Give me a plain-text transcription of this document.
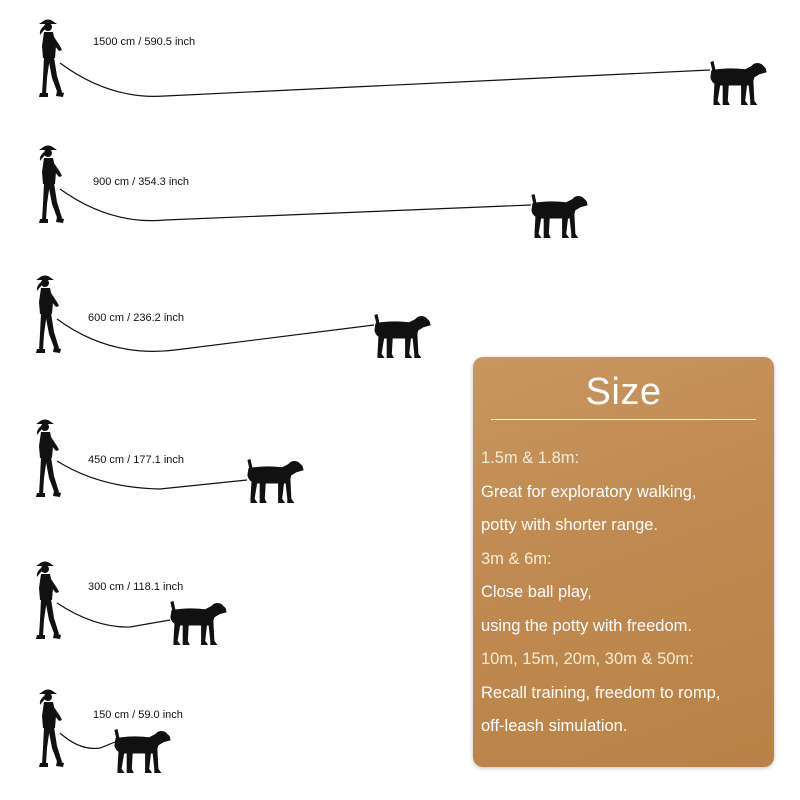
1500 cm / 590.5 inch
900 cm / 354.3 inch
600 cm / 236.2 inch
450 cm / 177.1 inch
300 cm / 118.1 inch
150 cm / 59.0 inch
Size
1.5m & 1.8m:
Great for exploratory walking,
potty with shorter range.
3m & 6m:
Close ball play,
using the potty with freedom.
10m, 15m, 20m, 30m & 50m:
Recall training, freedom to romp,
off-leash simulation.
